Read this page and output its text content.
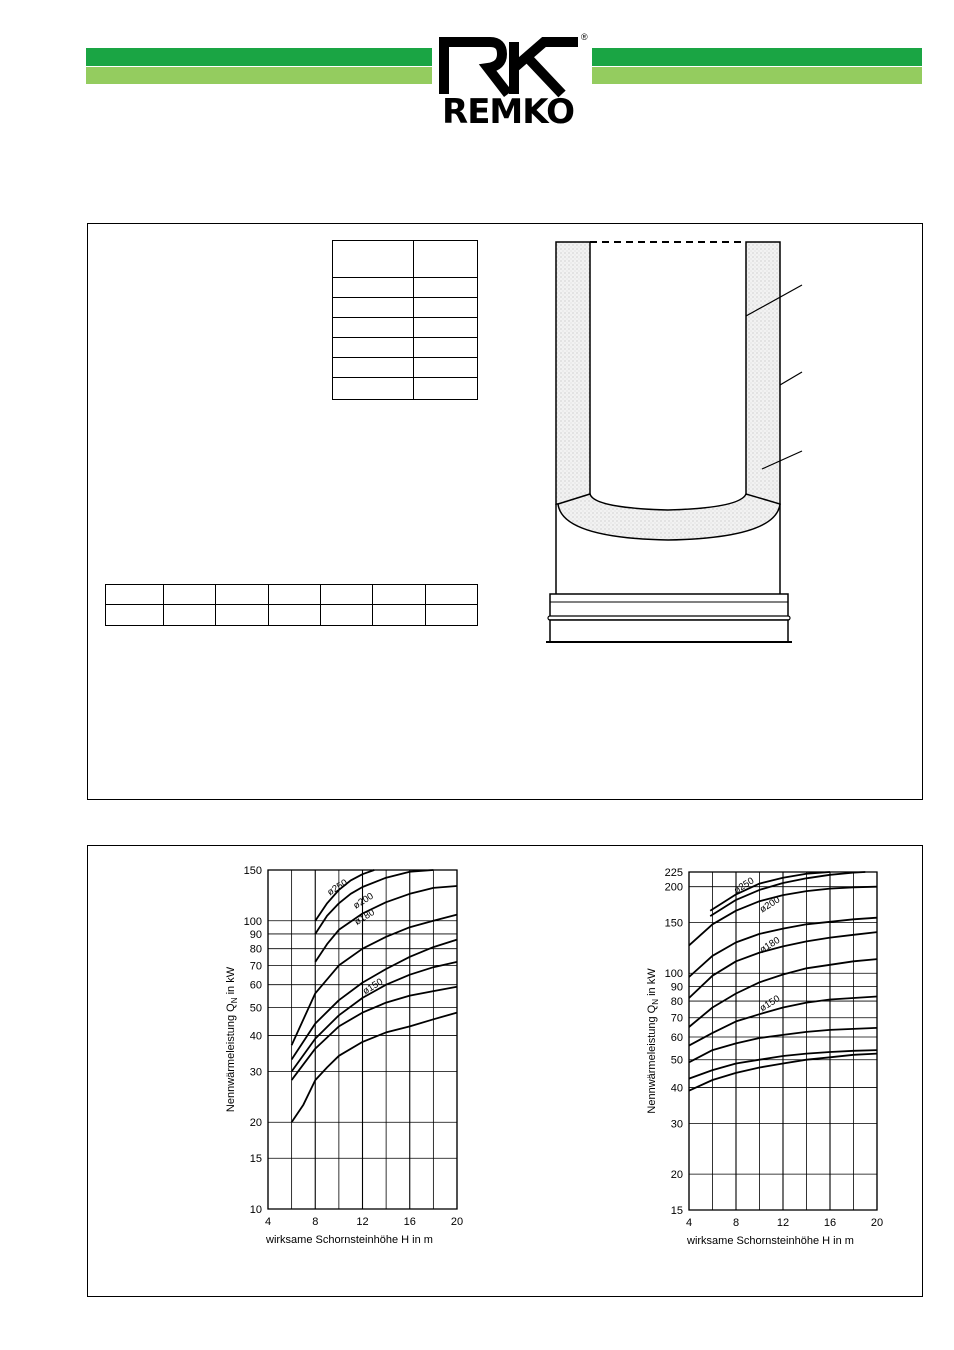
REMKO
®

10
15
20
30
40
50
60
70
80
90
100
150
4	8	12	16	20
wirksame Schornsteinhöhe H in m
Nennwärmeleistung $Q_N$ in kW
ø250
ø200
ø180
ø150
15
20
30
40
50
60
70
80
90
100
150
200
225
4	8	12	16	20
wirksame Schornsteinhöhe H in m
Nennwärmeleistung $Q_N$ in kW
ø250
ø200
ø180
ø150
